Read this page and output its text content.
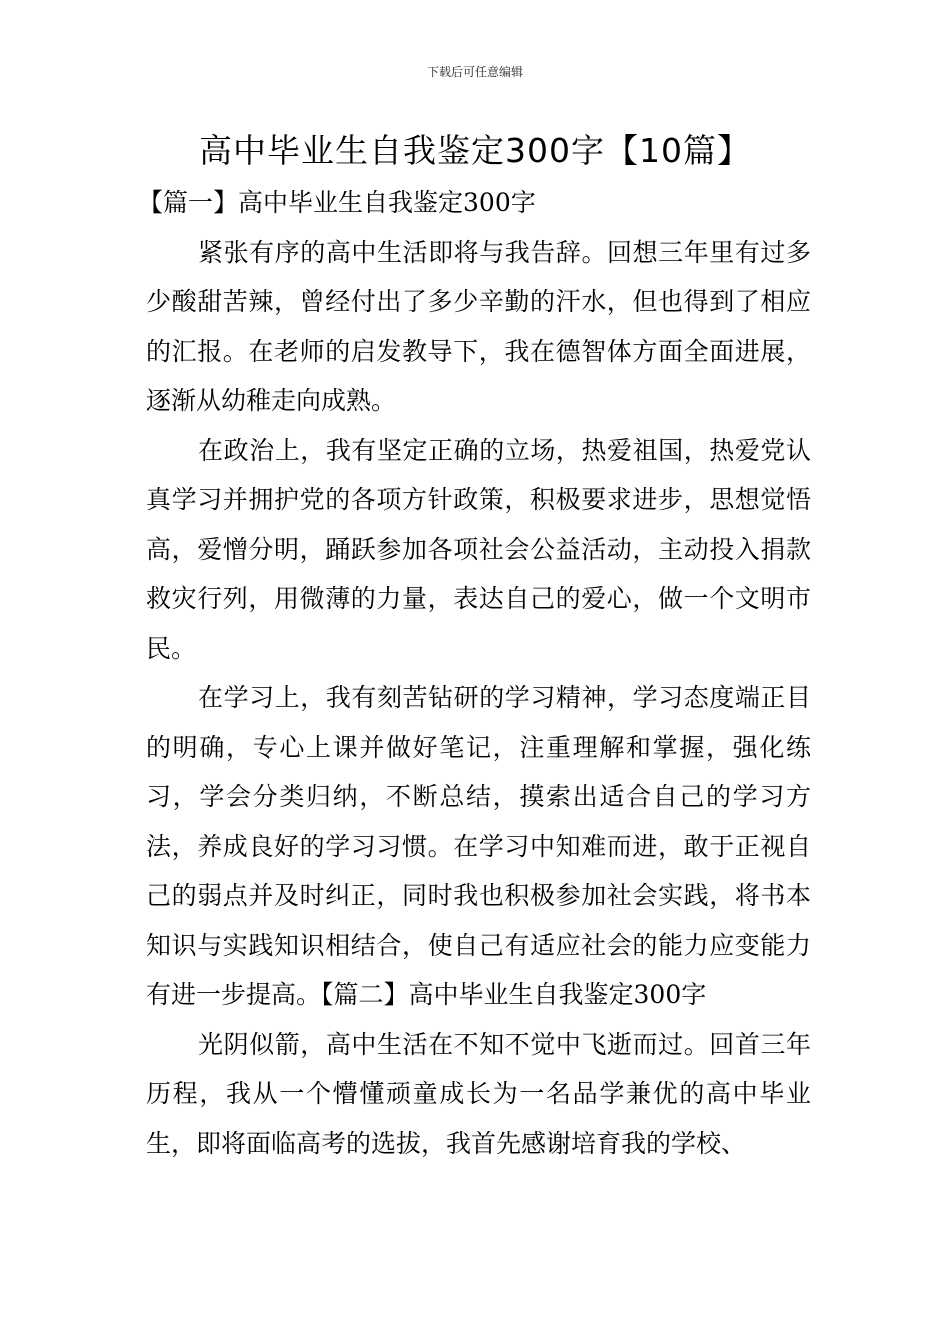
下载后可任意编辑
高中毕业生自我鉴定300字【10篇】

【篇一】高中毕业生自我鉴定300字

紧张有序的高中生活即将与我告辞。回想三年里有过多少酸甜苦辣，曾经付出了多少辛勤的汗水，但也得到了相应的汇报。在老师的启发教导下，我在德智体方面全面进展，逐渐从幼稚走向成熟。

在政治上，我有坚定正确的立场，热爱祖国，热爱党认真学习并拥护党的各项方针政策，积极要求进步，思想觉悟高，爱憎分明，踊跃参加各项社会公益活动，主动投入捐款救灾行列，用微薄的力量，表达自己的爱心，做一个文明市民。

在学习上，我有刻苦钻研的学习精神，学习态度端正目的明确，专心上课并做好笔记，注重理解和掌握，强化练习，学会分类归纳，不断总结，摸索出适合自己的学习方法，养成良好的学习习惯。在学习中知难而进，敢于正视自己的弱点并及时纠正，同时我也积极参加社会实践，将书本知识与实践知识相结合，使自己有适应社会的能力应变能力有进一步提高。【篇二】高中毕业生自我鉴定300字

光阴似箭，高中生活在不知不觉中飞逝而过。回首三年历程，我从一个懵懂顽童成长为一名品学兼优的高中毕业生，即将面临高考的选拔，我首先感谢培育我的学校、
